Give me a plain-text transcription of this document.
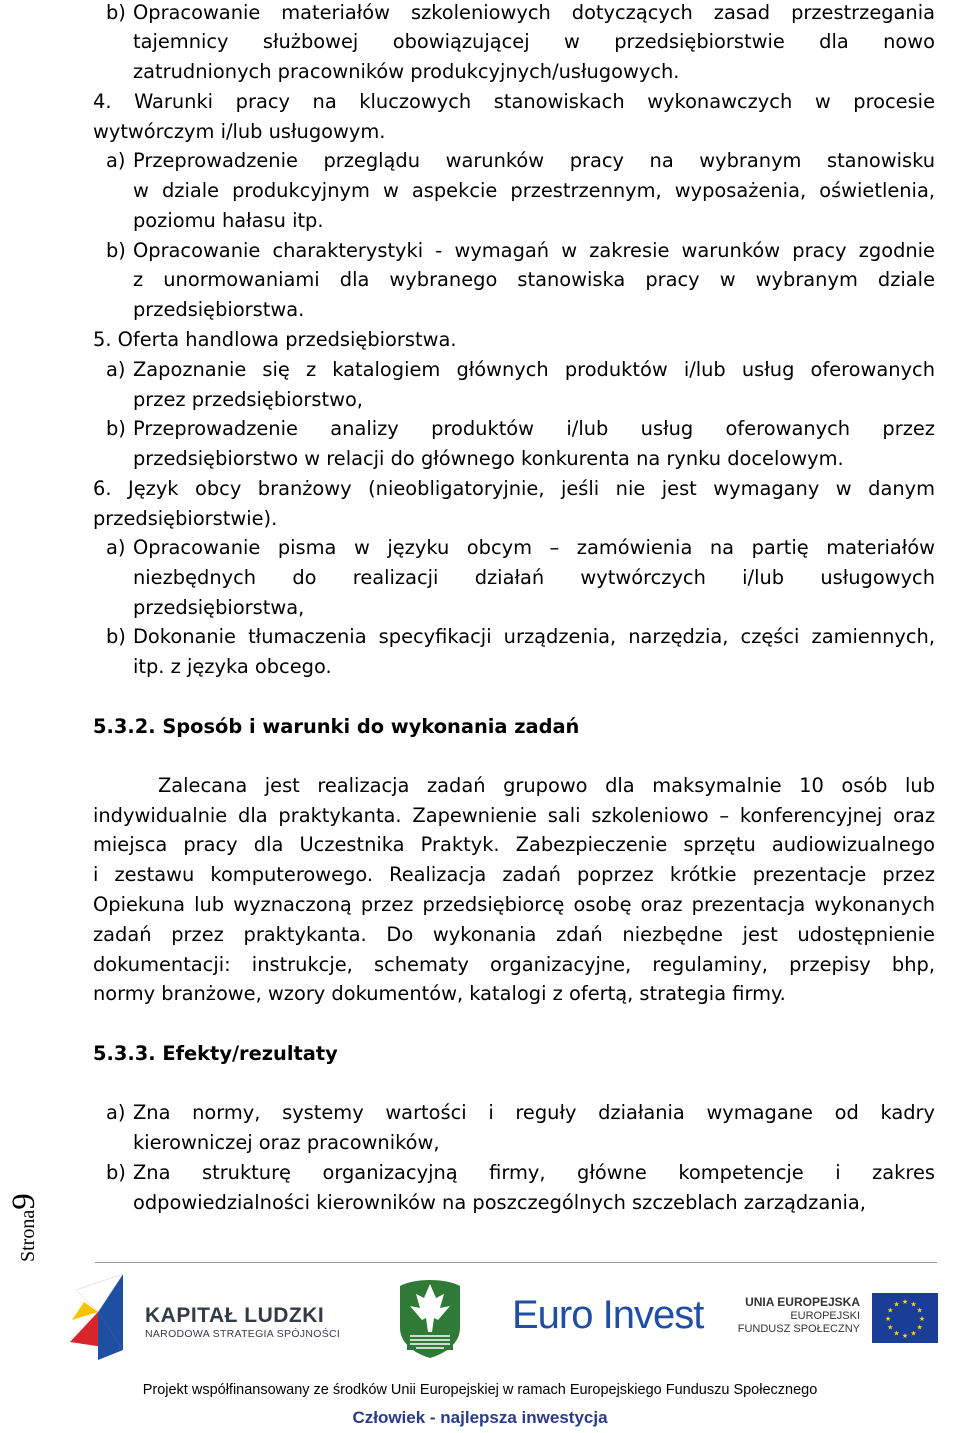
b) Opracowanie materiałów szkoleniowych dotyczących zasad przestrzegania
tajemnicy służbowej obowiązującej w przedsiębiorstwie dla nowo
zatrudnionych pracowników produkcyjnych/usługowych.
4. Warunki pracy na kluczowych stanowiskach wykonawczych w procesie
wytwórczym i/lub usługowym.
a) Przeprowadzenie przeglądu warunków pracy na wybranym stanowisku
w dziale produkcyjnym w aspekcie przestrzennym, wyposażenia, oświetlenia,
poziomu hałasu itp.
b) Opracowanie charakterystyki - wymagań w zakresie warunków pracy zgodnie
z unormowaniami dla wybranego stanowiska pracy w wybranym dziale
przedsiębiorstwa.
5. Oferta handlowa przedsiębiorstwa.
a) Zapoznanie się z katalogiem głównych produktów i/lub usług oferowanych
przez przedsiębiorstwo,
b) Przeprowadzenie analizy produktów i/lub usług oferowanych przez
przedsiębiorstwo w relacji do głównego konkurenta na rynku docelowym.
6. Język obcy branżowy (nieobligatoryjnie, jeśli nie jest wymagany w danym
przedsiębiorstwie).
a) Opracowanie pisma w języku obcym – zamówienia na partię materiałów
niezbędnych do realizacji działań wytwórczych i/lub usługowych
przedsiębiorstwa,
b) Dokonanie tłumaczenia specyfikacji urządzenia, narzędzia, części zamiennych,
itp. z języka obcego.
5.3.2. Sposób i warunki do wykonania zadań
Zalecana jest realizacja zadań grupowo dla maksymalnie 10 osób lub
indywidualnie dla praktykanta. Zapewnienie sali szkoleniowo – konferencyjnej oraz
miejsca pracy dla Uczestnika Praktyk. Zabezpieczenie sprzętu audiowizualnego
i zestawu komputerowego. Realizacja zadań poprzez krótkie prezentacje przez
Opiekuna lub wyznaczoną przez przedsiębiorcę osobę oraz prezentacja wykonanych
zadań przez praktykanta. Do wykonania zdań niezbędne jest udostępnienie
dokumentacji: instrukcje, schematy organizacyjne, regulaminy, przepisy bhp,
normy branżowe, wzory dokumentów, katalogi z ofertą, strategia firmy.
5.3.3. Efekty/rezultaty
a) Zna normy, systemy wartości i reguły działania wymagane od kadry
kierowniczej oraz pracowników,
b) Zna strukturę organizacyjną firmy, główne kompetencje i zakres
odpowiedzialności kierowników na poszczególnych szczeblach zarządzania,
Strona9
KAPITAŁ LUDZKI
NARODOWA STRATEGIA SPÓJNOŚCI	Euro Invest	UNIA EUROPEJSKA
EUROPEJSKI
FUNDUSZ SPOŁECZNY
★ ★
★
★
★
★
★
★
★
★
★
★
Projekt współfinansowany ze środków Unii Europejskiej w ramach Europejskiego Funduszu Społecznego
Człowiek - najlepsza inwestycja
